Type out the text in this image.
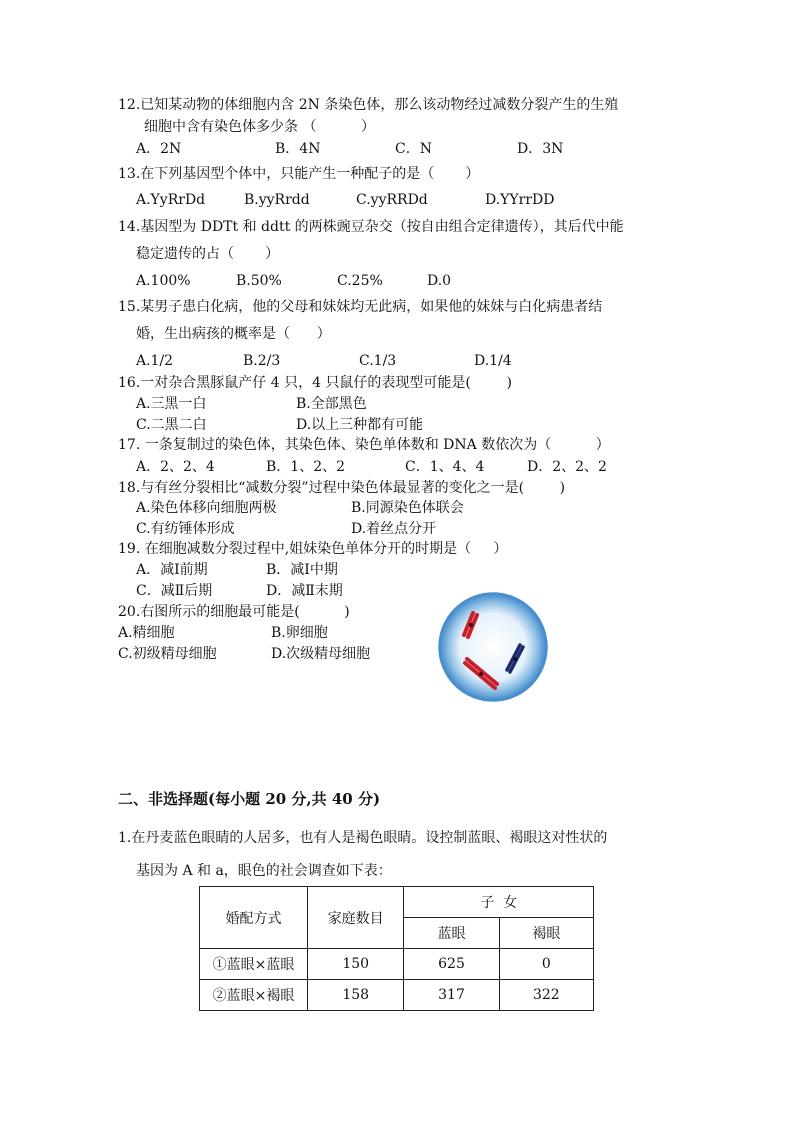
12.已知某动物的体细胞内含 2N 条染色体，那么该动物经过减数分裂产生的生殖
细胞中含有染色体多少条 （          ）
A．2N	B．4N	C．N	D．3N
13.在下列基因型个体中，只能产生一种配子的是（       ）
A.YyRrDd	B.yyRrdd	C.yyRRDd	D.YYrrDD
14.基因型为 DDTt 和 ddtt 的两株豌豆杂交（按自由组合定律遗传），其后代中能
稳定遗传的占（       ）
A.100%	B.50%	C.25%	D.0
15.某男子患白化病，他的父母和妹妹均无此病，如果他的妹妹与白化病患者结
婚，生出病孩的概率是（      ）
A.1/2	B.2/3	C.1/3	D.1/4
16.一对杂合黑豚鼠产仔 4 只，4 只鼠仔的表现型可能是(        )
A.三黑一白	B.全部黑色
C.二黑二白	D.以上三种都有可能
17. 一条复制过的染色体，其染色体、染色单体数和 DNA 数依次为（          ）
A．2、2、4	B．1、2、2	C．1、4、4	D．2、2、2
18.与有丝分裂相比“减数分裂”过程中染色体最显著的变化之一是(        )
A.染色体移向细胞两极	B.同源染色体联会
C.有纺锤体形成	D.着丝点分开
19. 在细胞减数分裂过程中,姐妹染色单体分开的时期是（     ）
A．减Ⅰ前期	B．减Ⅰ中期
C．减Ⅱ后期	D．减Ⅱ末期
20.右图所示的细胞最可能是(          )
A.精细胞	B.卵细胞
C.初级精母细胞	D.次级精母细胞
二、非选择题(每小题 20 分,共 40 分)
1.在丹麦蓝色眼睛的人居多，也有人是褐色眼睛。设控制蓝眼、褐眼这对性状的
基因为 A 和 a，眼色的社会调查如下表：
婚配方式	家庭数目	子  女	
		蓝眼	褐眼
①蓝眼×蓝眼	150	625	0
②蓝眼×褐眼	158	317	322
